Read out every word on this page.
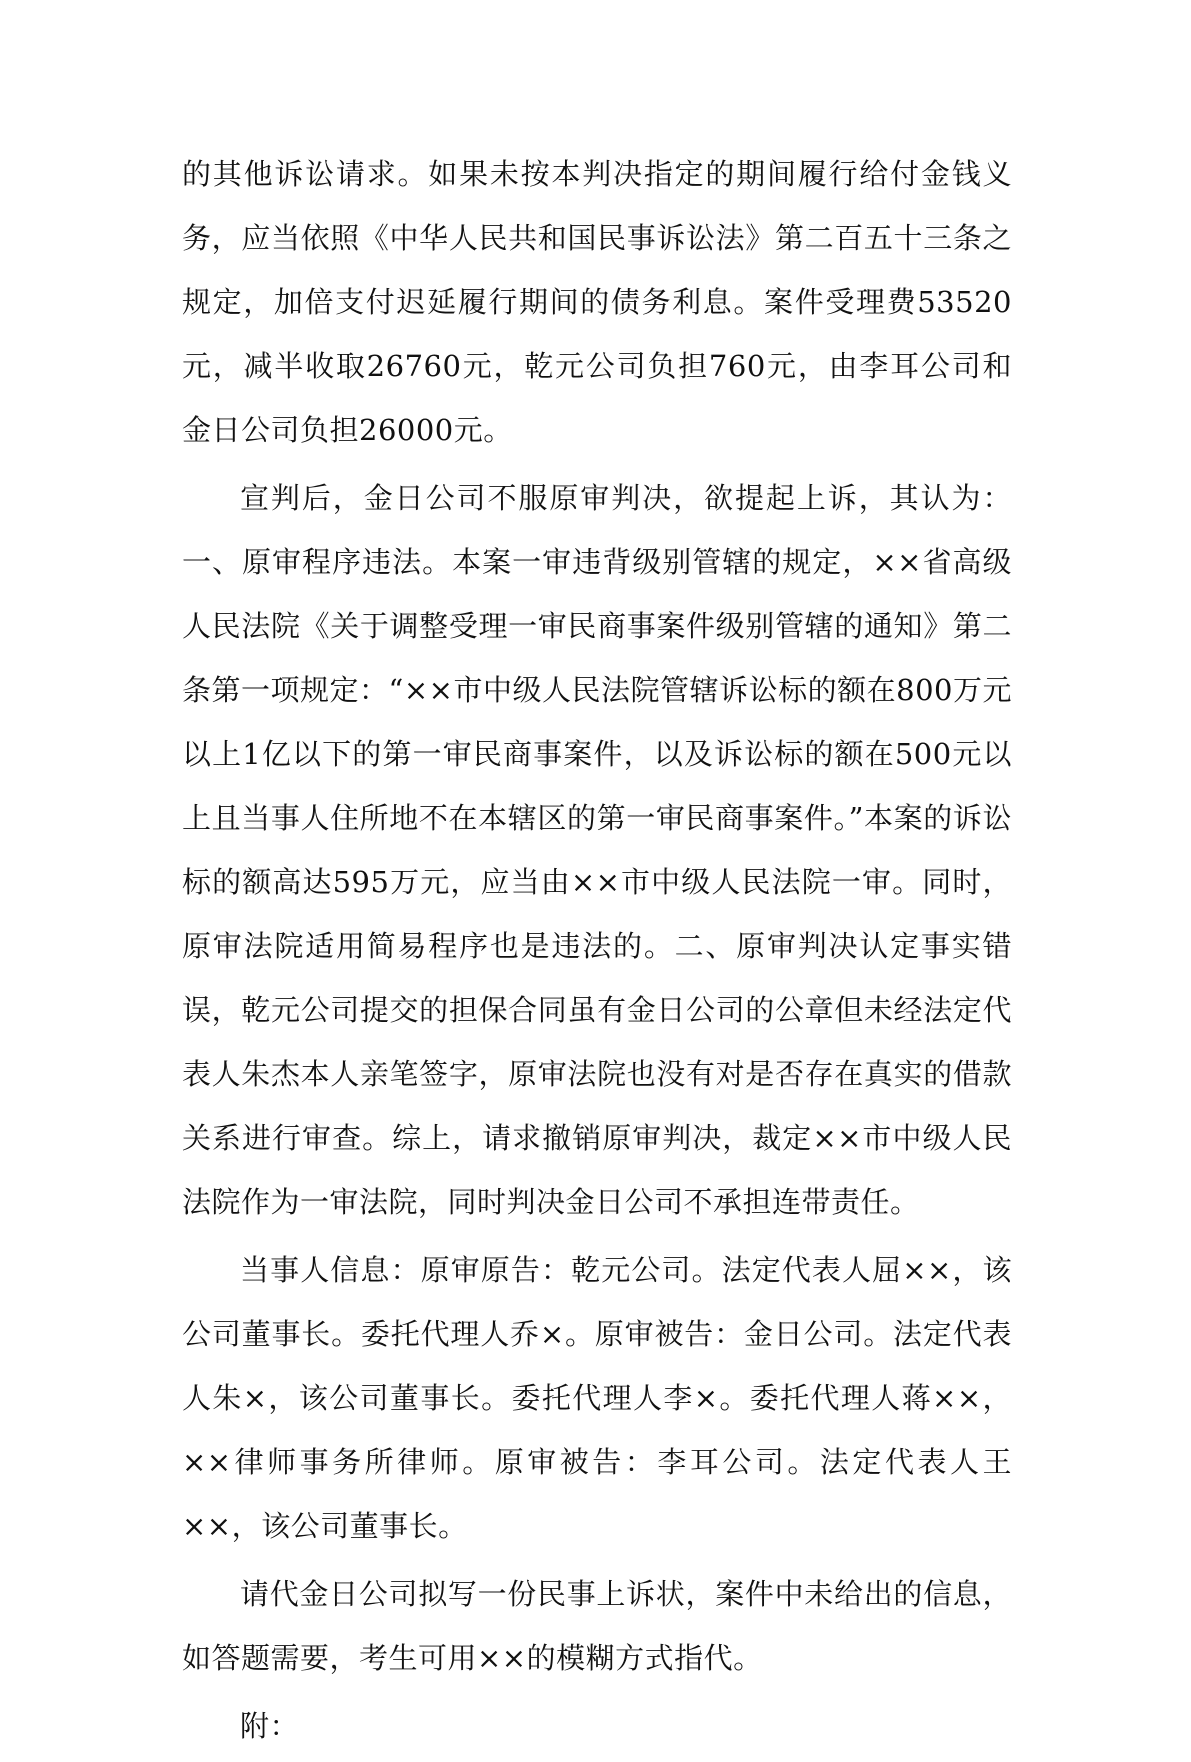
的其他诉讼请求。如果未按本判决指定的期间履行给付金钱义务，应当依照《中华人民共和国民事诉讼法》第二百五十三条之规定，加倍支付迟延履行期间的债务利息。案件受理费53520元，减半收取26760元，乾元公司负担760元，由李耳公司和金日公司负担26000元。

宣判后，金日公司不服原审判决，欲提起上诉，其认为：一、原审程序违法。本案一审违背级别管辖的规定，××省高级人民法院《关于调整受理一审民商事案件级别管辖的通知》第二条第一项规定：“××市中级人民法院管辖诉讼标的额在800万元以上1亿以下的第一审民商事案件，以及诉讼标的额在500元以上且当事人住所地不在本辖区的第一审民商事案件。”本案的诉讼标的额高达595万元，应当由××市中级人民法院一审。同时，原审法院适用简易程序也是违法的。二、原审判决认定事实错误，乾元公司提交的担保合同虽有金日公司的公章但未经法定代表人朱杰本人亲笔签字，原审法院也没有对是否存在真实的借款关系进行审查。综上，请求撤销原审判决，裁定××市中级人民法院作为一审法院，同时判决金日公司不承担连带责任。

当事人信息：原审原告：乾元公司。法定代表人屈××，该公司董事长。委托代理人乔×。原审被告：金日公司。法定代表人朱×，该公司董事长。委托代理人李×。委托代理人蒋××，××律师事务所律师。原审被告：李耳公司。法定代表人王××，该公司董事长。

请代金日公司拟写一份民事上诉状，案件中未给出的信息，如答题需要，考生可用××的模糊方式指代。

附：
